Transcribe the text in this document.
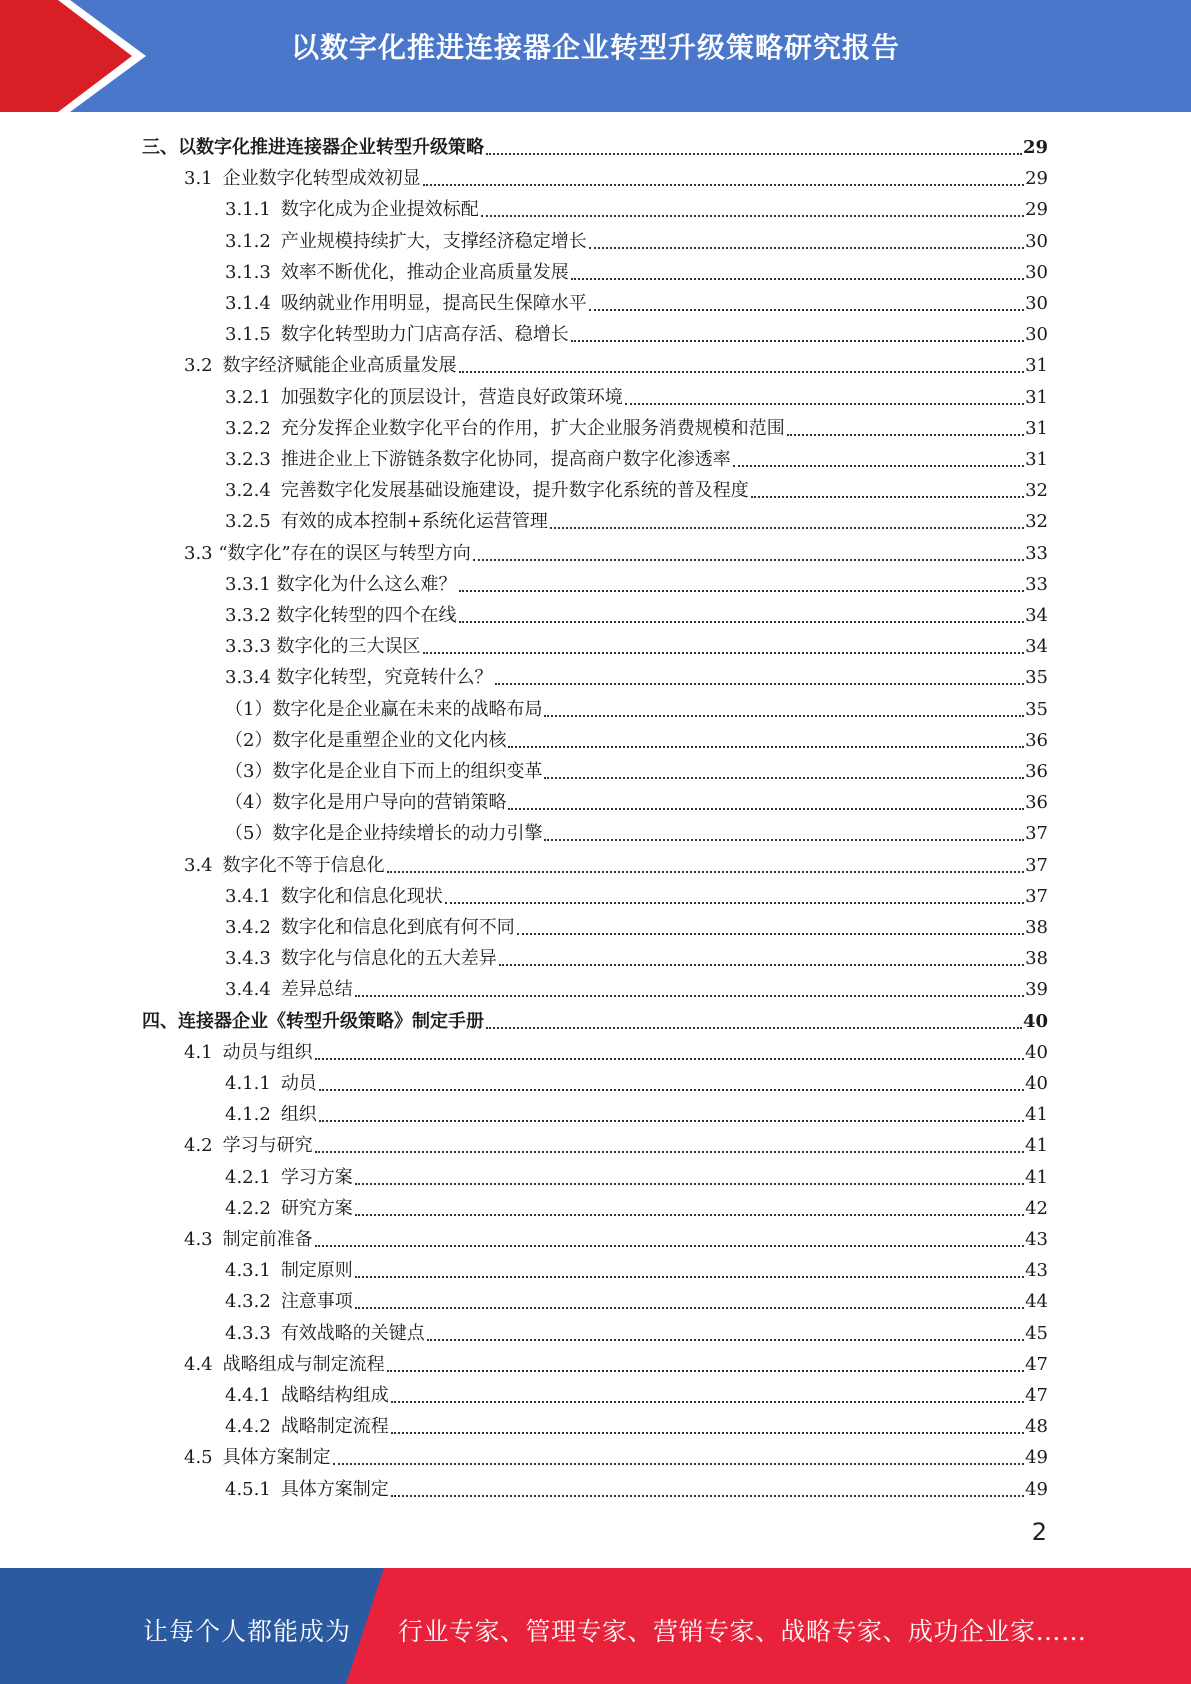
以数字化推进连接器企业转型升级策略研究报告
三、以数字化推进连接器企业转型升级策略	29
3.1 企业数字化转型成效初显	29
3.1.1 数字化成为企业提效标配	29
3.1.2 产业规模持续扩大，支撑经济稳定增长	30
3.1.3 效率不断优化，推动企业高质量发展	30
3.1.4 吸纳就业作用明显，提高民生保障水平	30
3.1.5 数字化转型助力门店高存活、稳增长	30
3.2 数字经济赋能企业高质量发展	31
3.2.1 加强数字化的顶层设计，营造良好政策环境	31
3.2.2 充分发挥企业数字化平台的作用，扩大企业服务消费规模和范围	31
3.2.3 推进企业上下游链条数字化协同，提高商户数字化渗透率	31
3.2.4 完善数字化发展基础设施建设，提升数字化系统的普及程度	32
3.2.5 有效的成本控制+系统化运营管理	32
3.3 “数字化”存在的误区与转型方向	33
3.3.1 数字化为什么这么难？	33
3.3.2 数字化转型的四个在线	34
3.3.3 数字化的三大误区	34
3.3.4 数字化转型，究竟转什么？	35
（1）数字化是企业赢在未来的战略布局	35
（2）数字化是重塑企业的文化内核	36
（3）数字化是企业自下而上的组织变革	36
（4）数字化是用户导向的营销策略	36
（5）数字化是企业持续增长的动力引擎	37
3.4 数字化不等于信息化	37
3.4.1 数字化和信息化现状	37
3.4.2 数字化和信息化到底有何不同	38
3.4.3 数字化与信息化的五大差异	38
3.4.4 差异总结	39
四、连接器企业《转型升级策略》制定手册	40
4.1 动员与组织	40
4.1.1 动员	40
4.1.2 组织	41
4.2 学习与研究	41
4.2.1 学习方案	41
4.2.2 研究方案	42
4.3 制定前准备	43
4.3.1 制定原则	43
4.3.2 注意事项	44
4.3.3 有效战略的关键点	45
4.4 战略组成与制定流程	47
4.4.1 战略结构组成	47
4.4.2 战略制定流程	48
4.5 具体方案制定	49
4.5.1 具体方案制定	49
2
让每个人都能成为 行业专家、管理专家、营销专家、战略专家、成功企业家……
